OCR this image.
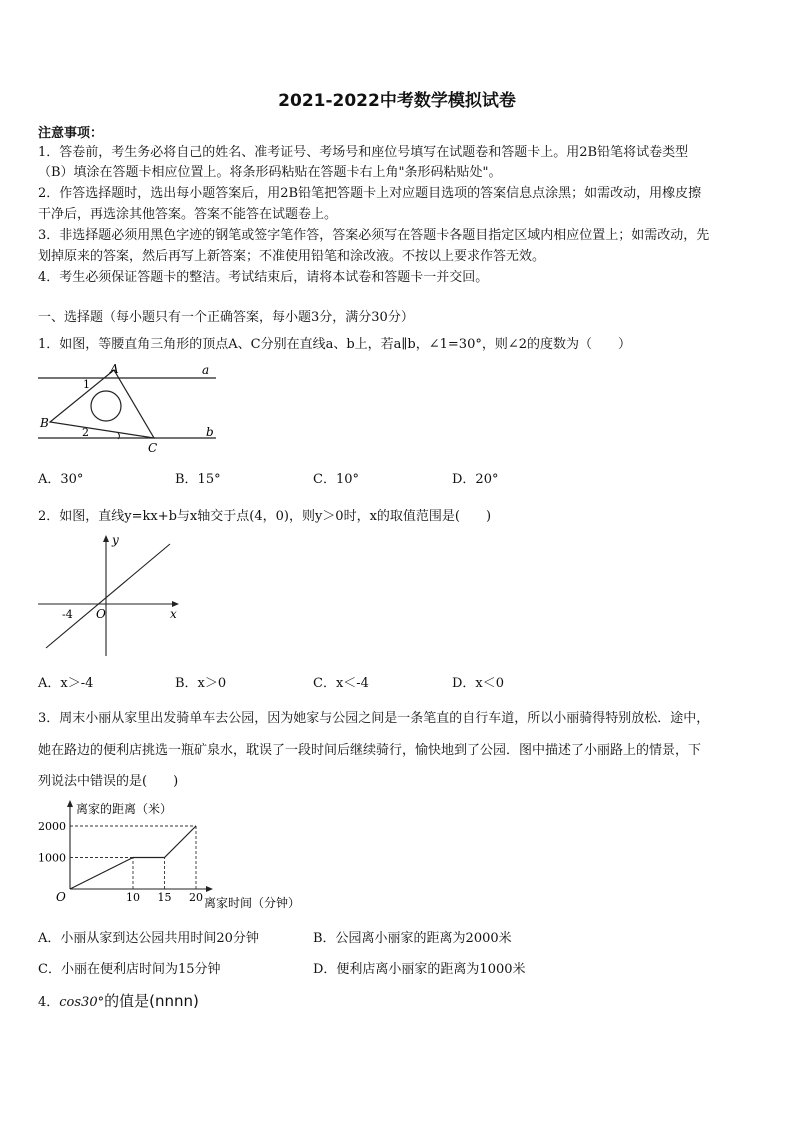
2021-2022中考数学模拟试卷
注意事项：
1．答卷前，考生务必将自己的姓名、准考证号、考场号和座位号填写在试题卷和答题卡上。用2B铅笔将试卷类型
（B）填涂在答题卡相应位置上。将条形码粘贴在答题卡右上角"条形码粘贴处"。
2．作答选择题时，选出每小题答案后，用2B铅笔把答题卡上对应题目选项的答案信息点涂黑；如需改动，用橡皮擦
干净后，再选涂其他答案。答案不能答在试题卷上。
3．非选择题必须用黑色字迹的钢笔或签字笔作答，答案必须写在答题卡各题目指定区域内相应位置上；如需改动，先
划掉原来的答案，然后再写上新答案；不准使用铅笔和涂改液。不按以上要求作答无效。
4．考生必须保证答题卡的整洁。考试结束后，请将本试卷和答题卡一并交回。
一、选择题（每小题只有一个正确答案，每小题3分，满分30分）
1．如图，等腰直角三角形的顶点A、C分别在直线a、b上，若a∥b，∠1=30°，则∠2的度数为（　　）
a
b
A
B
C
1
2
A．30°	B．15°	C．10°	D．20°
2．如图，直线y=kx+b与x轴交于点(4，0)，则y＞0时，x的取值范围是(　　)
y
x
O
-4
A．x＞-4	B．x＞0	C．x＜-4	D．x＜0
3．周末小丽从家里出发骑单车去公园，因为她家与公园之间是一条笔直的自行车道，所以小丽骑得特别放松．途中，
她在路边的便利店挑选一瓶矿泉水，耽误了一段时间后继续骑行，愉快地到了公园．图中描述了小丽路上的情景，下
列说法中错误的是(　　)
10 15 20
1000
2000
离家的距离（米）
离家时间（分钟）
O
A．小丽从家到达公园共用时间20分钟	B．公园离小丽家的距离为2000米
C．小丽在便利店时间为15分钟	D．便利店离小丽家的距离为1000米
4．cos30°的值是(nnnn)
